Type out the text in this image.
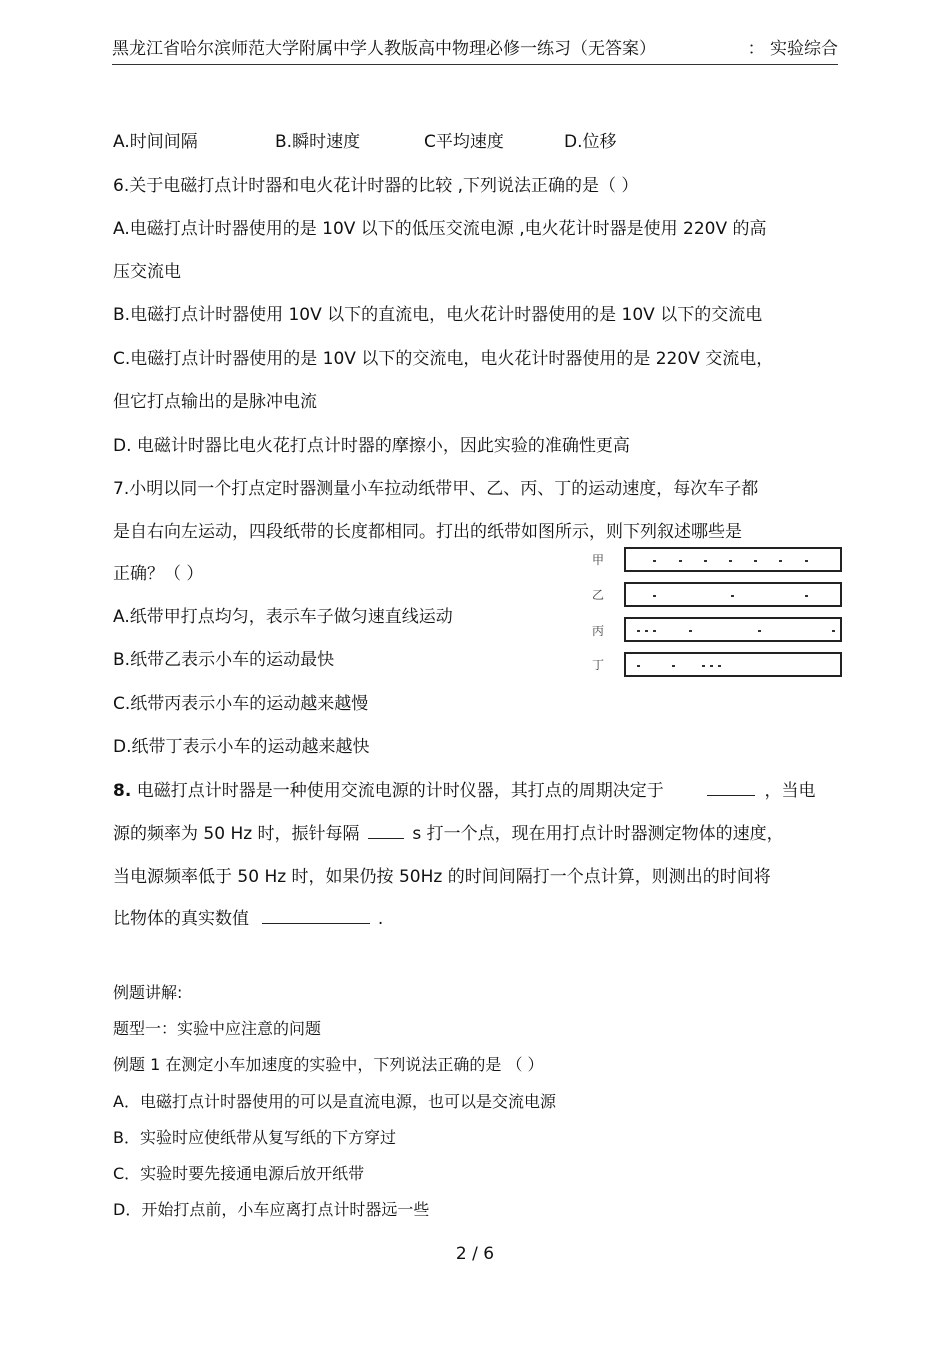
黑龙江省哈尔滨师范大学附属中学人教版高中物理必修一练习（无答案）	： 实验综合
A.时间间隔	B.瞬时速度	C平均速度	D.位移
6.关于电磁打点计时器和电火花计时器的比较 ,下列说法正确的是（ ）
A.电磁打点计时器使用的是 10V 以下的低压交流电源 ,电火花计时器是使用 220V 的高
压交流电
B.电磁打点计时器使用 10V 以下的直流电，电火花计时器使用的是 10V 以下的交流电
C.电磁打点计时器使用的是 10V 以下的交流电，电火花计时器使用的是 220V 交流电，
但它打点输出的是脉冲电流
D. 电磁计时器比电火花打点计时器的摩擦小，因此实验的准确性更高
7.小明以同一个打点定时器测量小车拉动纸带甲、乙、丙、丁的运动速度，每次车子都
是自右向左运动，四段纸带的长度都相同。打出的纸带如图所示，则下列叙述哪些是
正确？（ ）
A.纸带甲打点均匀，表示车子做匀速直线运动
B.纸带乙表示小车的运动最快
C.纸带丙表示小车的运动越来越慢
D.纸带丁表示小车的运动越来越快
甲
乙
丙
丁
8. 电磁打点计时器是一种使用交流电源的计时仪器，其打点的周期决定于	，当电
源的频率为 50 Hz 时，振针每隔	s 打一个点，现在用打点计时器测定物体的速度，
当电源频率低于 50 Hz 时，如果仍按 50Hz 的时间间隔打一个点计算，则测出的时间将
比物体的真实数值	.
例题讲解:
题型一：实验中应注意的问题
例题 1 在测定小车加速度的实验中，下列说法正确的是 （ ）
A．电磁打点计时器使用的可以是直流电源，也可以是交流电源
B．实验时应使纸带从复写纸的下方穿过
C．实验时要先接通电源后放开纸带
D．开始打点前，小车应离打点计时器远一些
2 / 6
